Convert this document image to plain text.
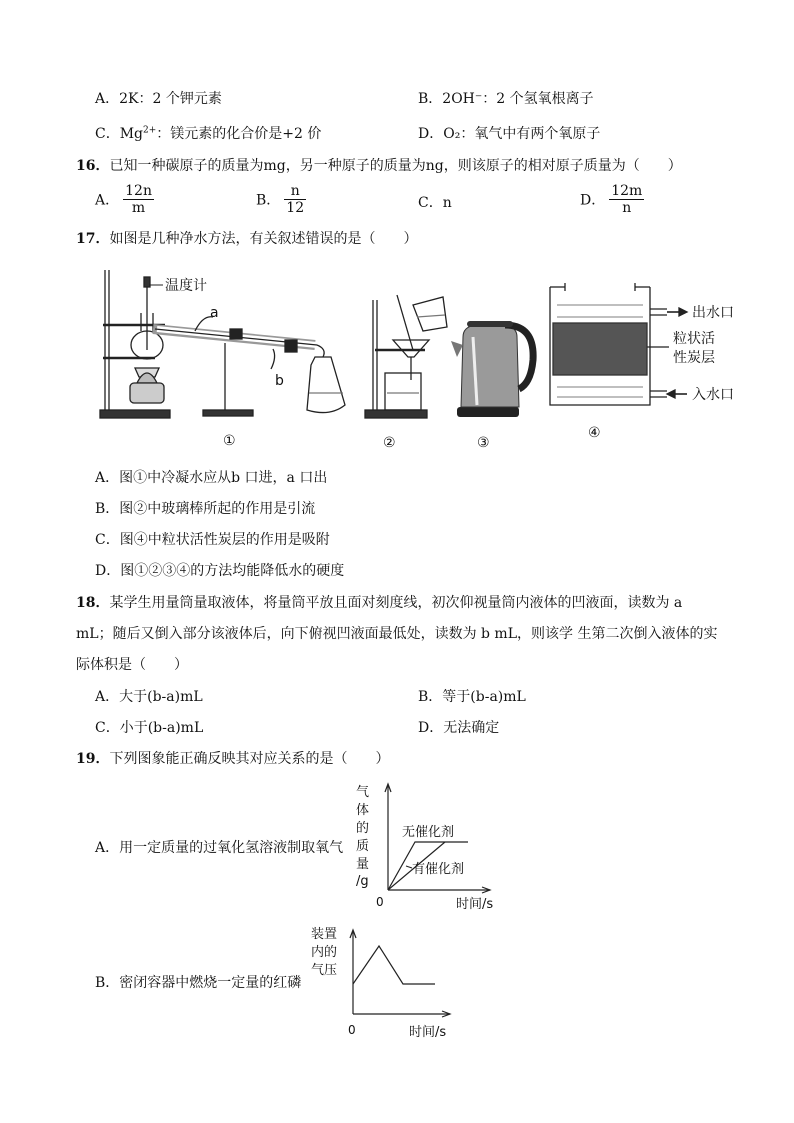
A．2K：2 个钾元素	B．2OH⁻：2 个氢氧根离子
C．$Mg^{2+}$：镁元素的化合价是+2 价	D．O₂：氧气中有两个氧原子
16．已知一种碳原子的质量为mg，另一种原子的质量为ng，则该原子的相对原子质量为（　　）
A． $\frac{12n}{m}$	B． $\frac{n}{12}$	C．n	D． $\frac{12m}{n}$
17．如图是几种净水方法，有关叙述错误的是（　　）
温度计
a
b
①	②	③
出水口
粒状活
性炭层
入水口
④
A．图①中冷凝水应从b 口进，a 口出
B．图②中玻璃棒所起的作用是引流
C．图④中粒状活性炭层的作用是吸附
D．图①②③④的方法均能降低水的硬度
18．某学生用量筒量取液体，将量筒平放且面对刻度线，初次仰视量筒内液体的凹液面，读数为 a
mL；随后又倒入部分该液体后，向下俯视凹液面最低处，读数为 b mL，则该学 生第二次倒入液体的实
际体积是（　　）
A．大于(b-a)mL	B．等于(b-a)mL
C．小于(b-a)mL	D．无法确定
19．下列图象能正确反映其对应关系的是（　　）
A．用一定质量的过氧化氢溶液制取氧气
气
体
的
质
量
/g
无催化剂
有催化剂
0	时间/s
B．密闭容器中燃烧一定量的红磷
装置
内的
气压
0	时间/s
